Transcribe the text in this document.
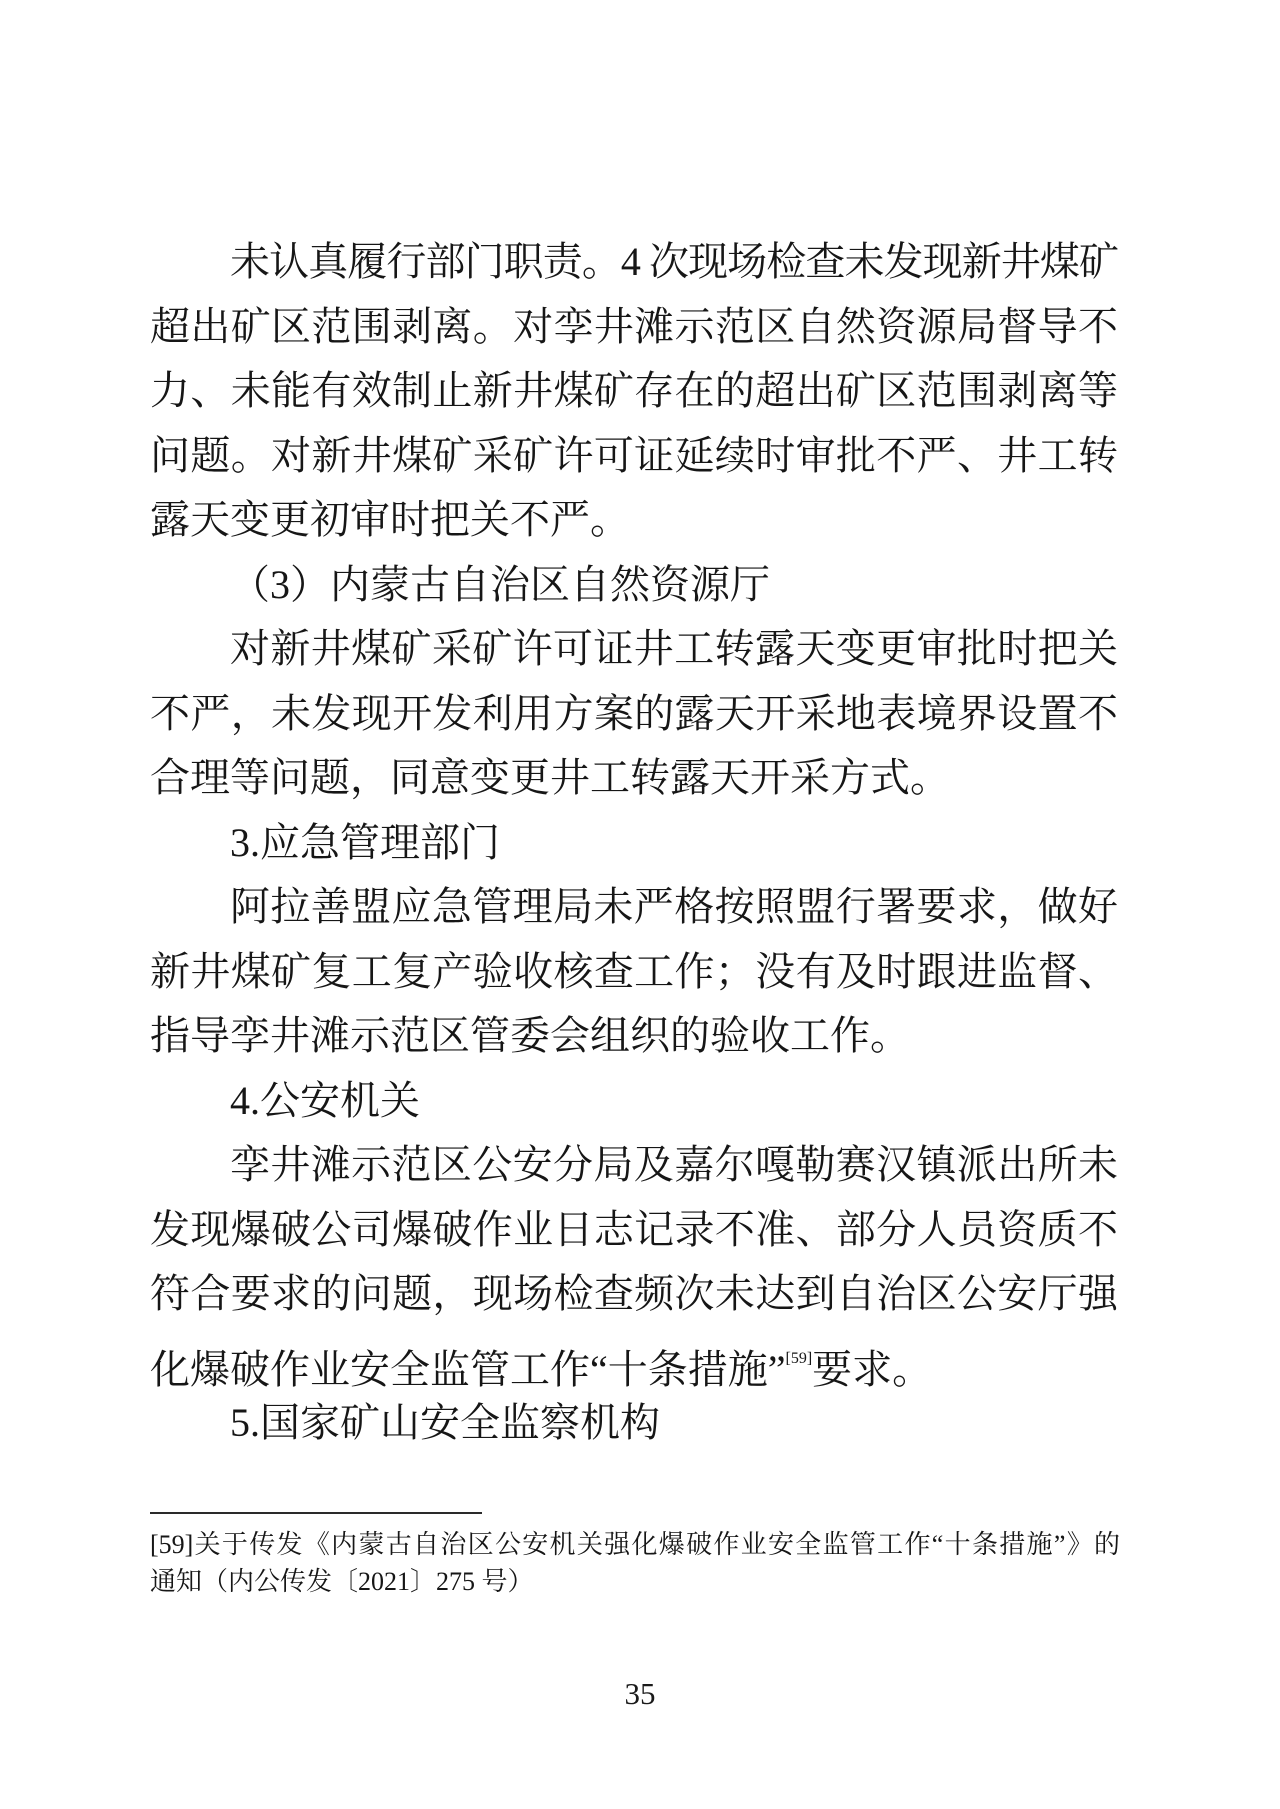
未认真履行部门职责。4 次现场检查未发现新井煤矿
超出矿区范围剥离。对孪井滩示范区自然资源局督导不
力、未能有效制止新井煤矿存在的超出矿区范围剥离等
问题。对新井煤矿采矿许可证延续时审批不严、井工转
露天变更初审时把关不严。
（3）内蒙古自治区自然资源厅
对新井煤矿采矿许可证井工转露天变更审批时把关
不严，未发现开发利用方案的露天开采地表境界设置不
合理等问题，同意变更井工转露天开采方式。
3.应急管理部门
阿拉善盟应急管理局未严格按照盟行署要求，做好
新井煤矿复工复产验收核查工作；没有及时跟进监督、
指导孪井滩示范区管委会组织的验收工作。
4.公安机关
孪井滩示范区公安分局及嘉尔嘎勒赛汉镇派出所未
发现爆破公司爆破作业日志记录不准、部分人员资质不
符合要求的问题，现场检查频次未达到自治区公安厅强
化爆破作业安全监管工作“十条措施”[59]要求。
5.国家矿山安全监察机构
[59]关于传发《内蒙古自治区公安机关强化爆破作业安全监管工作“十条措施”》的
通知（内公传发〔2021〕275 号）
35
